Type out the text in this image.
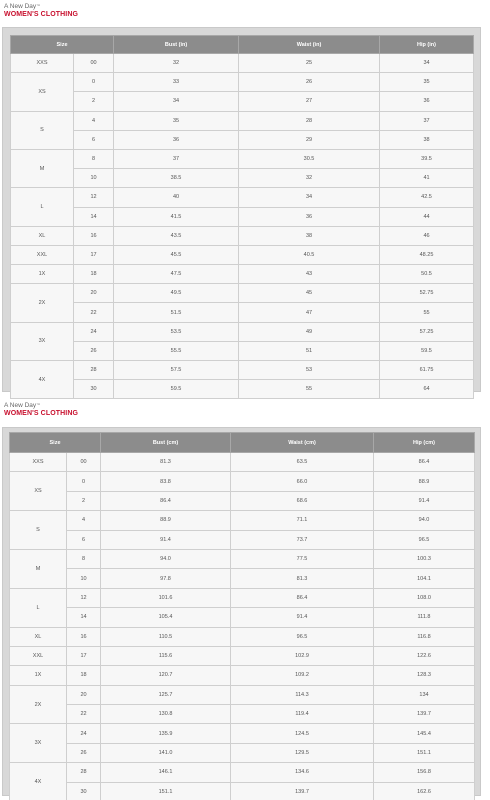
A New Day™
WOMEN'S CLOTHING
Size		Bust (in)	Waist (in)	Hip (in)
XXS	00	32	25	34
XS	0	33	26	35
	2	34	27	36
S	4	35	28	37
	6	36	29	38
M	8	37	30.5	39.5
	10	38.5	32	41
L	12	40	34	42.5
	14	41.5	36	44
XL	16	43.5	38	46
XXL	17	45.5	40.5	48.25
1X	18	47.5	43	50.5
2X	20	49.5	45	52.75
	22	51.5	47	55
3X	24	53.5	49	57.25
	26	55.5	51	59.5
4X	28	57.5	53	61.75
	30	59.5	55	64
A New Day™
WOMEN'S CLOTHING
Size		Bust (cm)	Waist (cm)	Hip (cm)
XXS	00	81.3	63.5	86.4
XS	0	83.8	66.0	88.9
	2	86.4	68.6	91.4
S	4	88.9	71.1	94.0
	6	91.4	73.7	96.5
M	8	94.0	77.5	100.3
	10	97.8	81.3	104.1
L	12	101.6	86.4	108.0
	14	105.4	91.4	111.8
XL	16	110.5	96.5	116.8
XXL	17	115.6	102.9	122.6
1X	18	120.7	109.2	128.3
2X	20	125.7	114.3	134
	22	130.8	119.4	139.7
3X	24	135.9	124.5	145.4
	26	141.0	129.5	151.1
4X	28	146.1	134.6	156.8
	30	151.1	139.7	162.6
